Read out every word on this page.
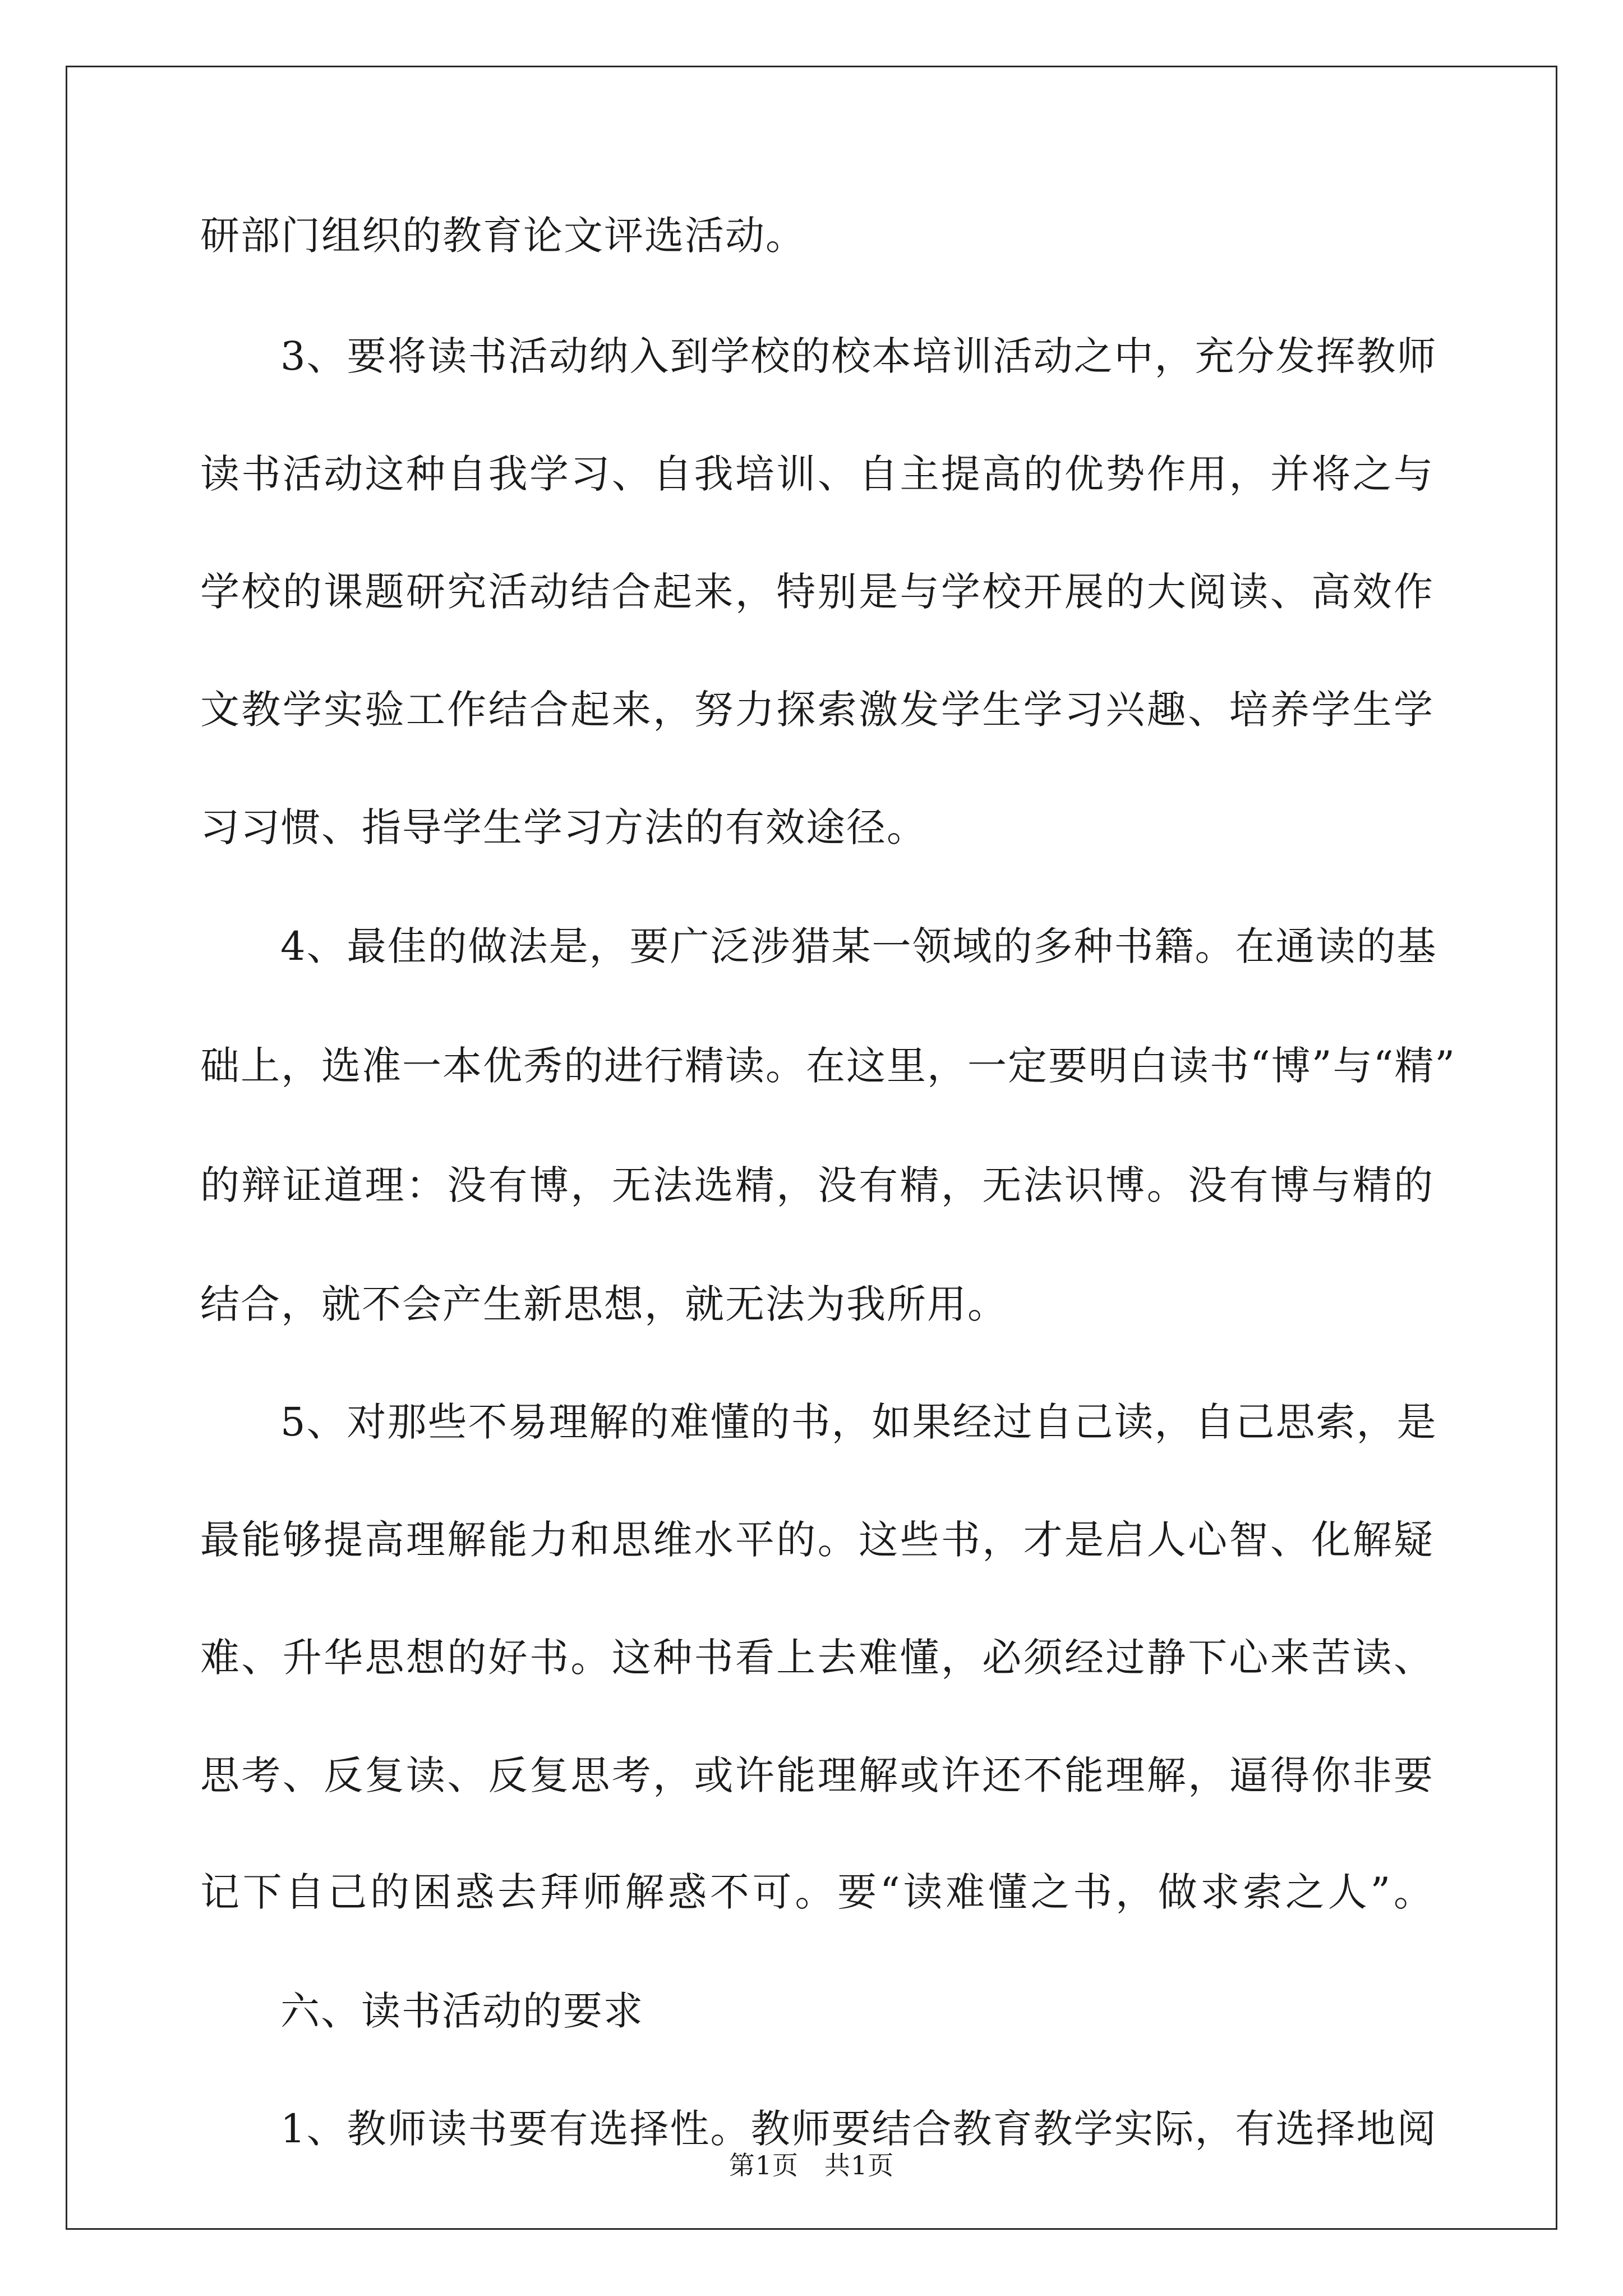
研部门组织的教育论文评选活动。
3、要将读书活动纳入到学校的校本培训活动之中，充分发挥教师
读书活动这种自我学习、自我培训、自主提高的优势作用，并将之与
学校的课题研究活动结合起来，特别是与学校开展的大阅读、高效作
文教学实验工作结合起来，努力探索激发学生学习兴趣、培养学生学
习习惯、指导学生学习方法的有效途径。
4、最佳的做法是，要广泛涉猎某一领域的多种书籍。在通读的基
础上，选准一本优秀的进行精读。在这里，一定要明白读书“博”与“精”
的辩证道理：没有博，无法选精，没有精，无法识博。没有博与精的
结合，就不会产生新思想，就无法为我所用。
5、对那些不易理解的难懂的书，如果经过自己读，自己思索，是
最能够提高理解能力和思维水平的。这些书，才是启人心智、化解疑
难、升华思想的好书。这种书看上去难懂，必须经过静下心来苦读、
思考、反复读、反复思考，或许能理解或许还不能理解，逼得你非要
记下自己的困惑去拜师解惑不可。要“读难懂之书，做求索之人”。
六、读书活动的要求
1、教师读书要有选择性。教师要结合教育教学实际，有选择地阅
第1页 共1页
